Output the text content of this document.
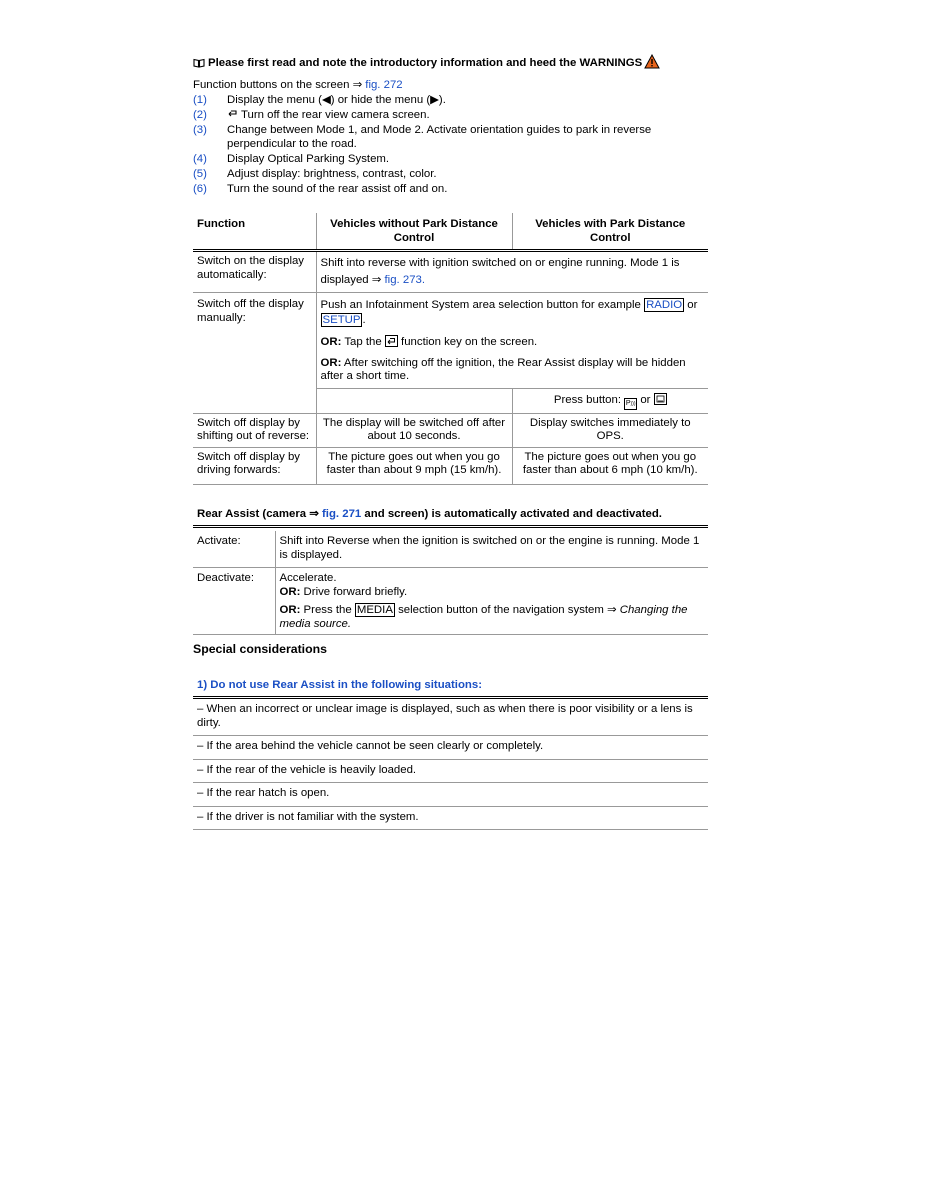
Please first read and note the introductory information and heed the WARNINGS
Function buttons on the screen ⇒ fig. 272
(1) Display the menu (◀) or hide the menu (▶).
(2)	Turn off the rear view camera screen.
(3) Change between Mode 1, and Mode 2. Activate orientation guides to park in reverse perpendicular to the road.
(4) Display Optical Parking System.
(5) Adjust display: brightness, contrast, color.
(6) Turn the sound of the rear assist off and on.
Function	Vehicles without Park Distance Control	Vehicles with Park Distance Control
Switch on the display automatically:	Shift into reverse with ignition switched on or engine running. Mode 1 is displayed ⇒ fig. 273.	
Switch off the display manually:	Push an Infotainment System area selection button for example RADIO or SETUP .

OR: Tap the
function key on the screen.

OR: After switching off the ignition, the Rear Assist display will be hidden after a short time.	

		Press button: P))) or

Switch off display by shifting out of reverse:	The display will be switched off after about 10 seconds.	Display switches immediately to OPS.
Switch off display by driving forwards:	The picture goes out when you go faster than about 9 mph (15 km/h).	The picture goes out when you go faster than about 6 mph (10 km/h).
Rear Assist (camera ⇒ fig. 271 and screen) is automatically activated and deactivated.

Activate:	Shift into Reverse when the ignition is switched on or the engine is running. Mode 1 is displayed.
Deactivate:	Accelerate.
OR: Drive forward briefly.
OR: Press the MEDIA selection button of the navigation system ⇒ Changing the media source.
Special considerations
1) Do not use Rear Assist in the following situations:
– When an incorrect or unclear image is displayed, such as when there is poor visibility or a lens is dirty.
– If the area behind the vehicle cannot be seen clearly or completely.
– If the rear of the vehicle is heavily loaded.
– If the rear hatch is open.
– If the driver is not familiar with the system.
